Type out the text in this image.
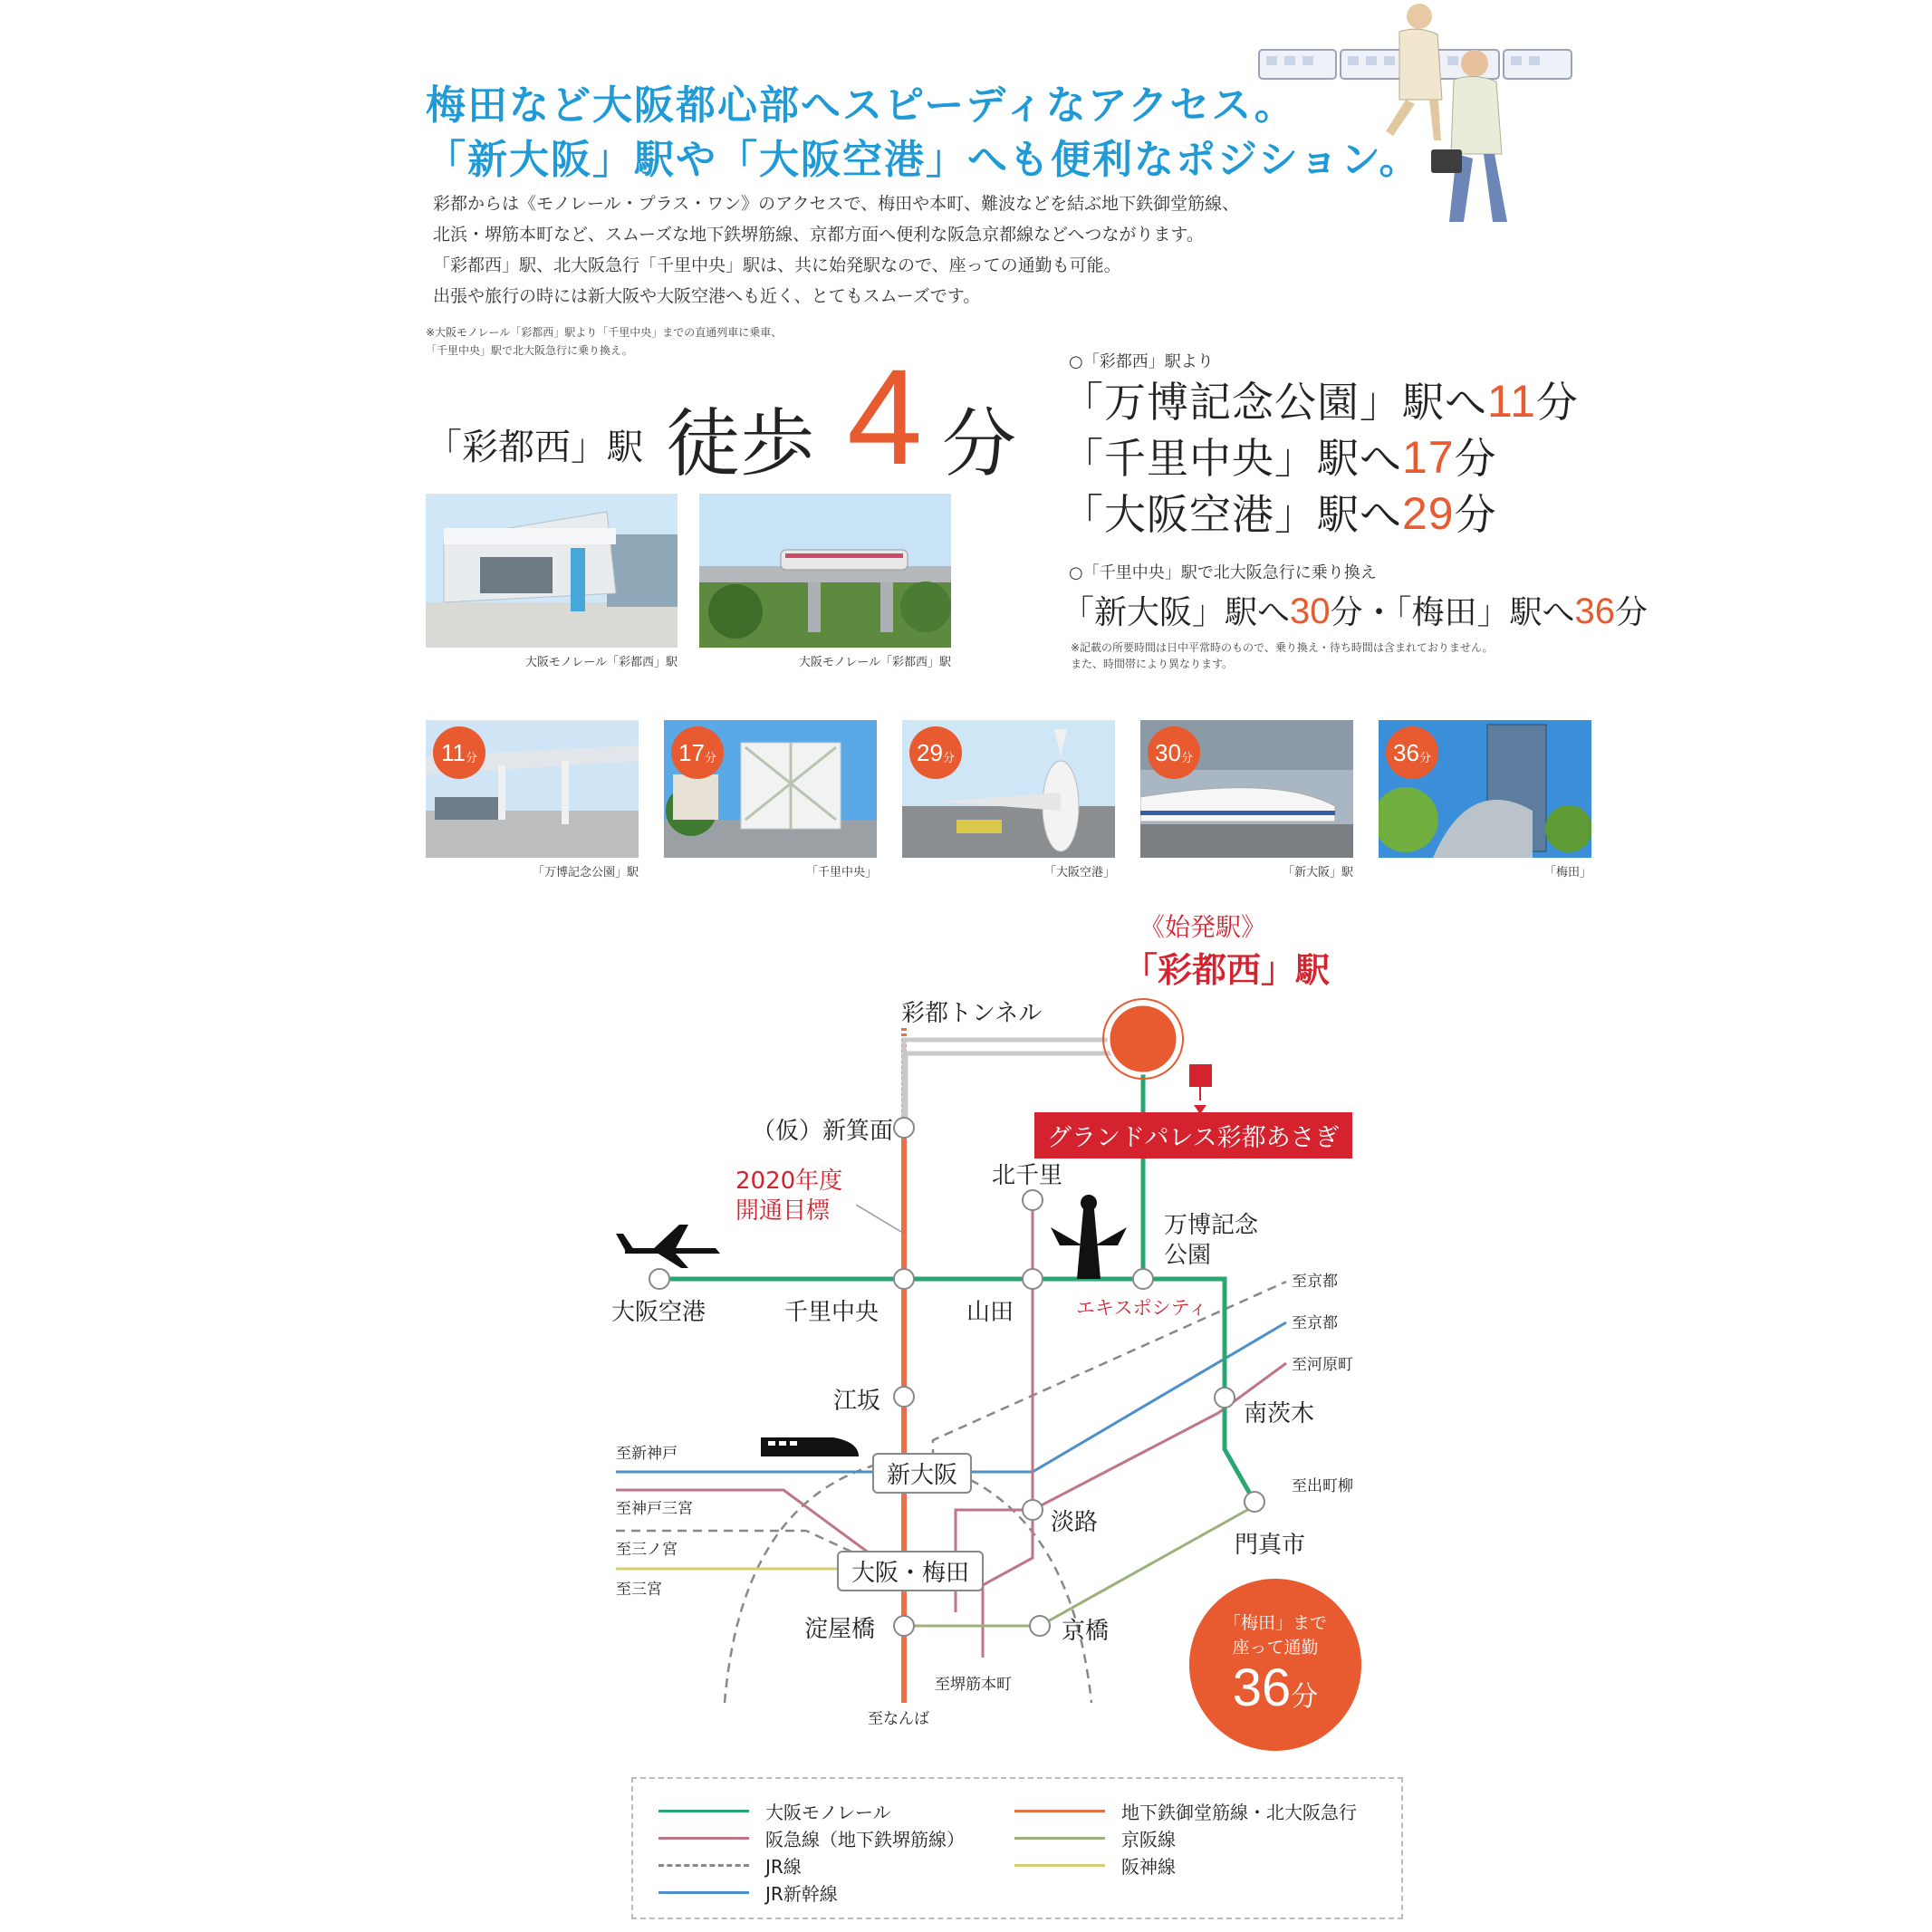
梅田など大阪都心部へスピーディなアクセス。
「新大阪」駅や「大阪空港」へも便利なポジション。
彩都からは《モノレール・プラス・ワン》のアクセスで、梅田や本町、難波などを結ぶ地下鉄御堂筋線、
北浜・堺筋本町など、スムーズな地下鉄堺筋線、京都方面へ便利な阪急京都線などへつながります。
「彩都西」駅、北大阪急行「千里中央」駅は、共に始発駅なので、座っての通勤も可能。
出張や旅行の時には新大阪や大阪空港へも近く、とてもスムーズです。
※大阪モノレール「彩都西」駅より「千里中央」までの直通列車に乗車、
「千里中央」駅で北大阪急行に乗り換え。
「彩都西」駅 徒歩 4 分
○「彩都西」駅より
「万博記念公園」駅へ11分
「千里中央」駅へ17分
「大阪空港」駅へ29分
○「千里中央」駅で北大阪急行に乗り換え
「新大阪」駅へ30分・「梅田」駅へ36分
※記載の所要時間は日中平常時のもので、乗り換え・待ち時間は含まれておりません。
また、時間帯により異なります。
大阪モノレール「彩都西」駅	大阪モノレール「彩都西」駅
11 分
「万博記念公園」駅
17 分
「千里中央」
29 分
「大阪空港」
30 分
「新大阪」駅
36 分
「梅田」
《始発駅》
「彩都西」駅
グランドパレス彩都あさぎ
彩都トンネル
（仮）新箕面
2020年度
開通目標
北千里
万博記念
公園
エキスポシティ
大阪空港	千里中央	山田
江坂
新大阪
大阪・梅田
淀屋橋	京橋
淡路
南茨木
門真市
至京都
至京都
至河原町
至出町柳
至新神戸
至神戸三宮
至三ノ宮
至三宮
至堺筋本町
至なんば
「梅田」まで
座って通勤
36分
大阪モノレール
阪急線（地下鉄堺筋線）
JR線
JR新幹線
地下鉄御堂筋線・北大阪急行
京阪線
阪神線
